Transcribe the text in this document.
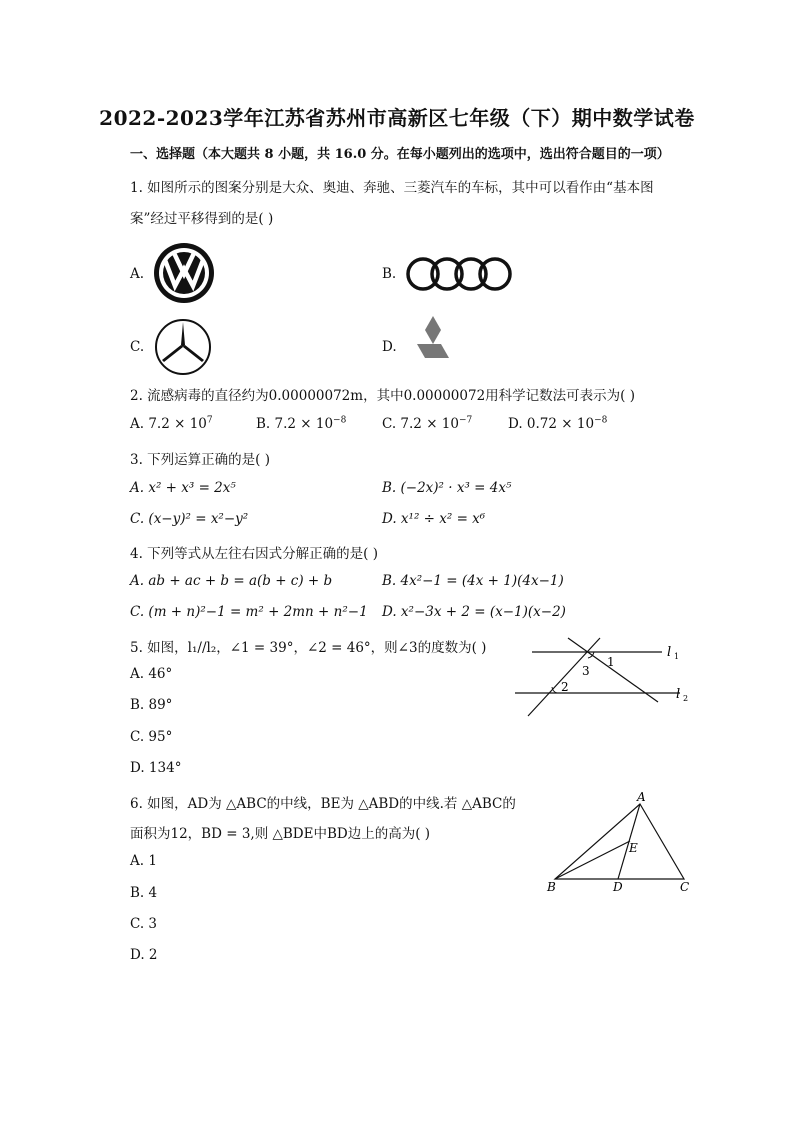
2022-2023学年江苏省苏州市高新区七年级（下）期中数学试卷
一、选择题（本大题共 8 小题，共 16.0 分。在每小题列出的选项中，选出符合题目的一项）
1. 如图所示的图案分别是大众、奥迪、奔驰、三菱汽车的车标，其中可以看作由“基本图
案”经过平移得到的是( )
A.	B.
C.	D.
2. 流感病毒的直径约为0.00000072m，其中0.00000072用科学记数法可表示为( )
A. $7.2 \times 10^7$	B. $7.2 \times 10^{-8}$	C. $7.2 \times 10^{-7}$	D. $0.72 \times 10^{-8}$
3. 下列运算正确的是( )
A. x² + x³ = 2x⁵	B. (−2x)² · x³ = 4x⁵
C. (x−y)² = x²−y²	D. x¹² ÷ x² = x⁶
4. 下列等式从左往右因式分解正确的是( )
A. ab + ac + b = a(b + c) + b	B. 4x²−1 = (4x + 1)(4x−1)
C. (m + n)²−1 = m² + 2mn + n²−1 D. x²−3x + 2 = (x−1)(x−2)
5. 如图，l₁//l₂，∠1 = 39°，∠2 = 46°，则∠3的度数为( )
A. 46°
B. 89°
C. 95°
D. 134°
l 1
l 2
1
2
3
6. 如图，AD为 △ABC的中线，BE为 △ABD的中线.若 △ABC的
面积为12，BD = 3,则 △BDE中BD边上的高为( )
A. 1
B. 4
C. 3
D. 2
A
B	C
D
E
